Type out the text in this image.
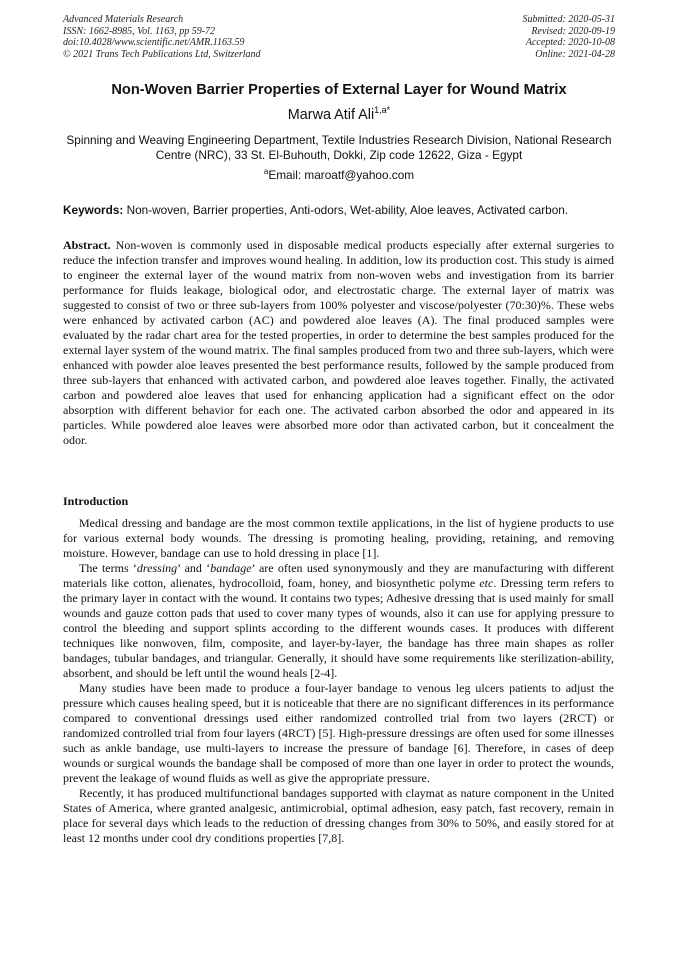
Advanced Materials Research
ISSN: 1662-8985, Vol. 1163, pp 59-72
doi:10.4028/www.scientific.net/AMR.1163.59
© 2021 Trans Tech Publications Ltd, Switzerland
Submitted: 2020-05-31
Revised: 2020-09-19
Accepted: 2020-10-08
Online: 2021-04-28
Non-Woven Barrier Properties of External Layer for Wound Matrix
Marwa Atif Ali$^{1,a*}$
Spinning and Weaving Engineering Department, Textile Industries Research Division, National Research Centre (NRC), 33 St. El-Buhouth, Dokki, Zip code 12622, Giza - Egypt
$^a$Email: maroatf@yahoo.com
Keywords: Non-woven, Barrier properties, Anti-odors, Wet-ability, Aloe leaves, Activated carbon.
Abstract. Non-woven is commonly used in disposable medical products especially after external surgeries to reduce the infection transfer and improves wound healing. In addition, low its production cost. This study is aimed to engineer the external layer of the wound matrix from non-woven webs and investigation from its barrier performance for fluids leakage, biological odor, and electrostatic charge. The external layer of matrix was suggested to consist of two or three sub-layers from 100% polyester and viscose/polyester (70:30)%. These webs were enhanced by activated carbon (AC) and powdered aloe leaves (A). The final produced samples were evaluated by the radar chart area for the tested properties, in order to determine the best samples produced for the external layer system of the wound matrix. The final samples produced from two and three sub-layers, which were enhanced with powder aloe leaves presented the best performance results, followed by the sample produced from three sub-layers that enhanced with activated carbon, and powdered aloe leaves together. Finally, the activated carbon and powdered aloe leaves that used for enhancing application had a significant effect on the odor absorption with different behavior for each one. The activated carbon absorbed the odor and appeared in its particles. While powdered aloe leaves were absorbed more odor than activated carbon, but it concealment the odor.
Introduction

Medical dressing and bandage are the most common textile applications, in the list of hygiene products to use for various external body wounds. The dressing is promoting healing, providing, retaining, and removing moisture. However, bandage can use to hold dressing in place [1].

The terms ‘dressing’ and ‘bandage’ are often used synonymously and they are manufacturing with different materials like cotton, alienates, hydrocolloid, foam, honey, and biosynthetic polyme etc. Dressing term refers to the primary layer in contact with the wound. It contains two types; Adhesive dressing that is used mainly for small wounds and gauze cotton pads that used to cover many types of wounds, also it can use for applying pressure to control the bleeding and support splints according to the different wounds cases. It produces with different techniques like nonwoven, film, composite, and layer-by-layer, the bandage has three main shapes as roller bandages, tubular bandages, and triangular. Generally, it should have some requirements like sterilization-ability, absorbent, and should be left until the wound heals [2-4].

Many studies have been made to produce a four-layer bandage to venous leg ulcers patients to adjust the pressure which causes healing speed, but it is noticeable that there are no significant differences in its performance compared to conventional dressings used either randomized controlled trial from two layers (2RCT) or randomized controlled trial from four layers (4RCT) [5]. High-pressure dressings are often used for some illnesses such as ankle bandage, use multi-layers to increase the pressure of bandage [6]. Therefore, in cases of deep wounds or surgical wounds the bandage shall be composed of more than one layer in order to protect the wounds, prevent the leakage of wound fluids as well as give the appropriate pressure.

Recently, it has produced multifunctional bandages supported with claymat as nature component in the United States of America, where granted analgesic, antimicrobial, optimal adhesion, easy patch, fast recovery, remain in place for several days which leads to the reduction of dressing changes from 30% to 50%, and easily stored for at least 12 months under cool dry conditions properties [7,8].
